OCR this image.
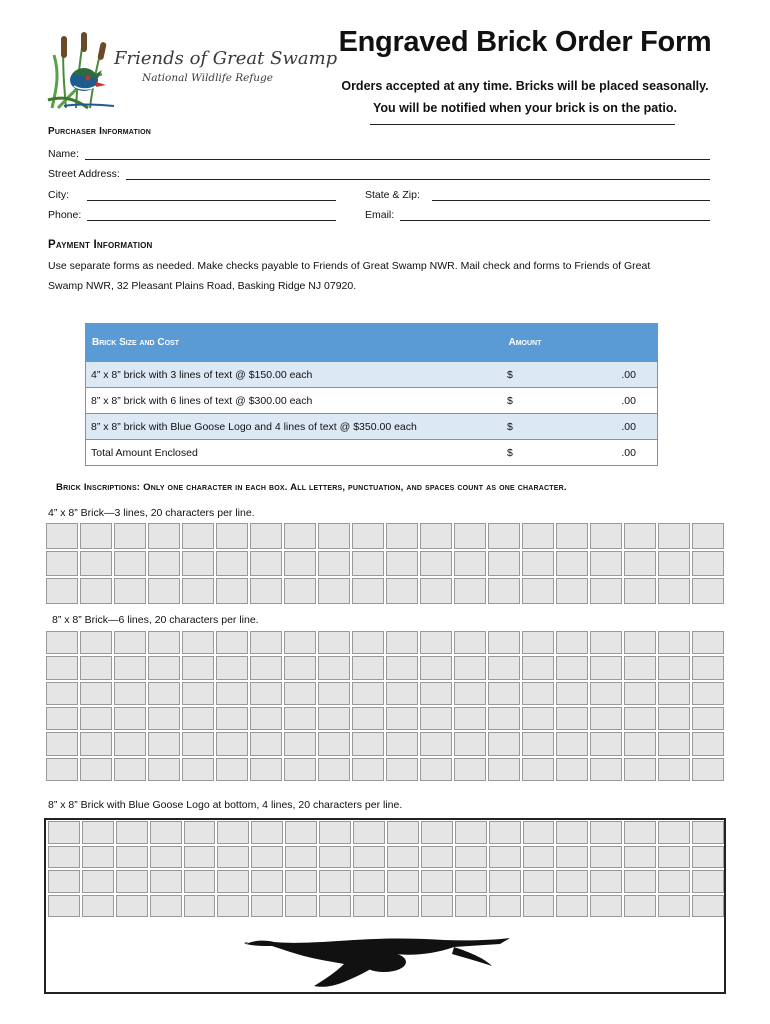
Friends of Great Swamp
National Wildlife Refuge
Engraved Brick Order Form
Orders accepted at any time. Bricks will be placed seasonally.
You will be notified when your brick is on the patio.
Purchaser Information
Name:
Street Address:
City:	State & Zip:
Phone:	Email:
Payment Information
Use separate forms as needed. Make checks payable to Friends of Great Swamp NWR. Mail check and forms to Friends of Great
Swamp NWR, 32 Pleasant Plains Road, Basking Ridge NJ 07920.
Brick Size and Cost	Amount
4” x 8” brick with 3 lines of text @ $150.00 each	$ .00

8” x 8” brick with 6 lines of text @ $300.00 each	$ .00

8” x 8” brick with Blue Goose Logo and 4 lines of text @ $350.00 each	$ .00

Total Amount Enclosed	$ .00
Brick Inscriptions: Only one character in each box. All letters, punctuation, and spaces count as one character.
4” x 8” Brick—3 lines, 20 characters per line.
8” x 8” Brick—6 lines, 20 characters per line.
8” x 8” Brick with Blue Goose Logo at bottom, 4 lines, 20 characters per line.
